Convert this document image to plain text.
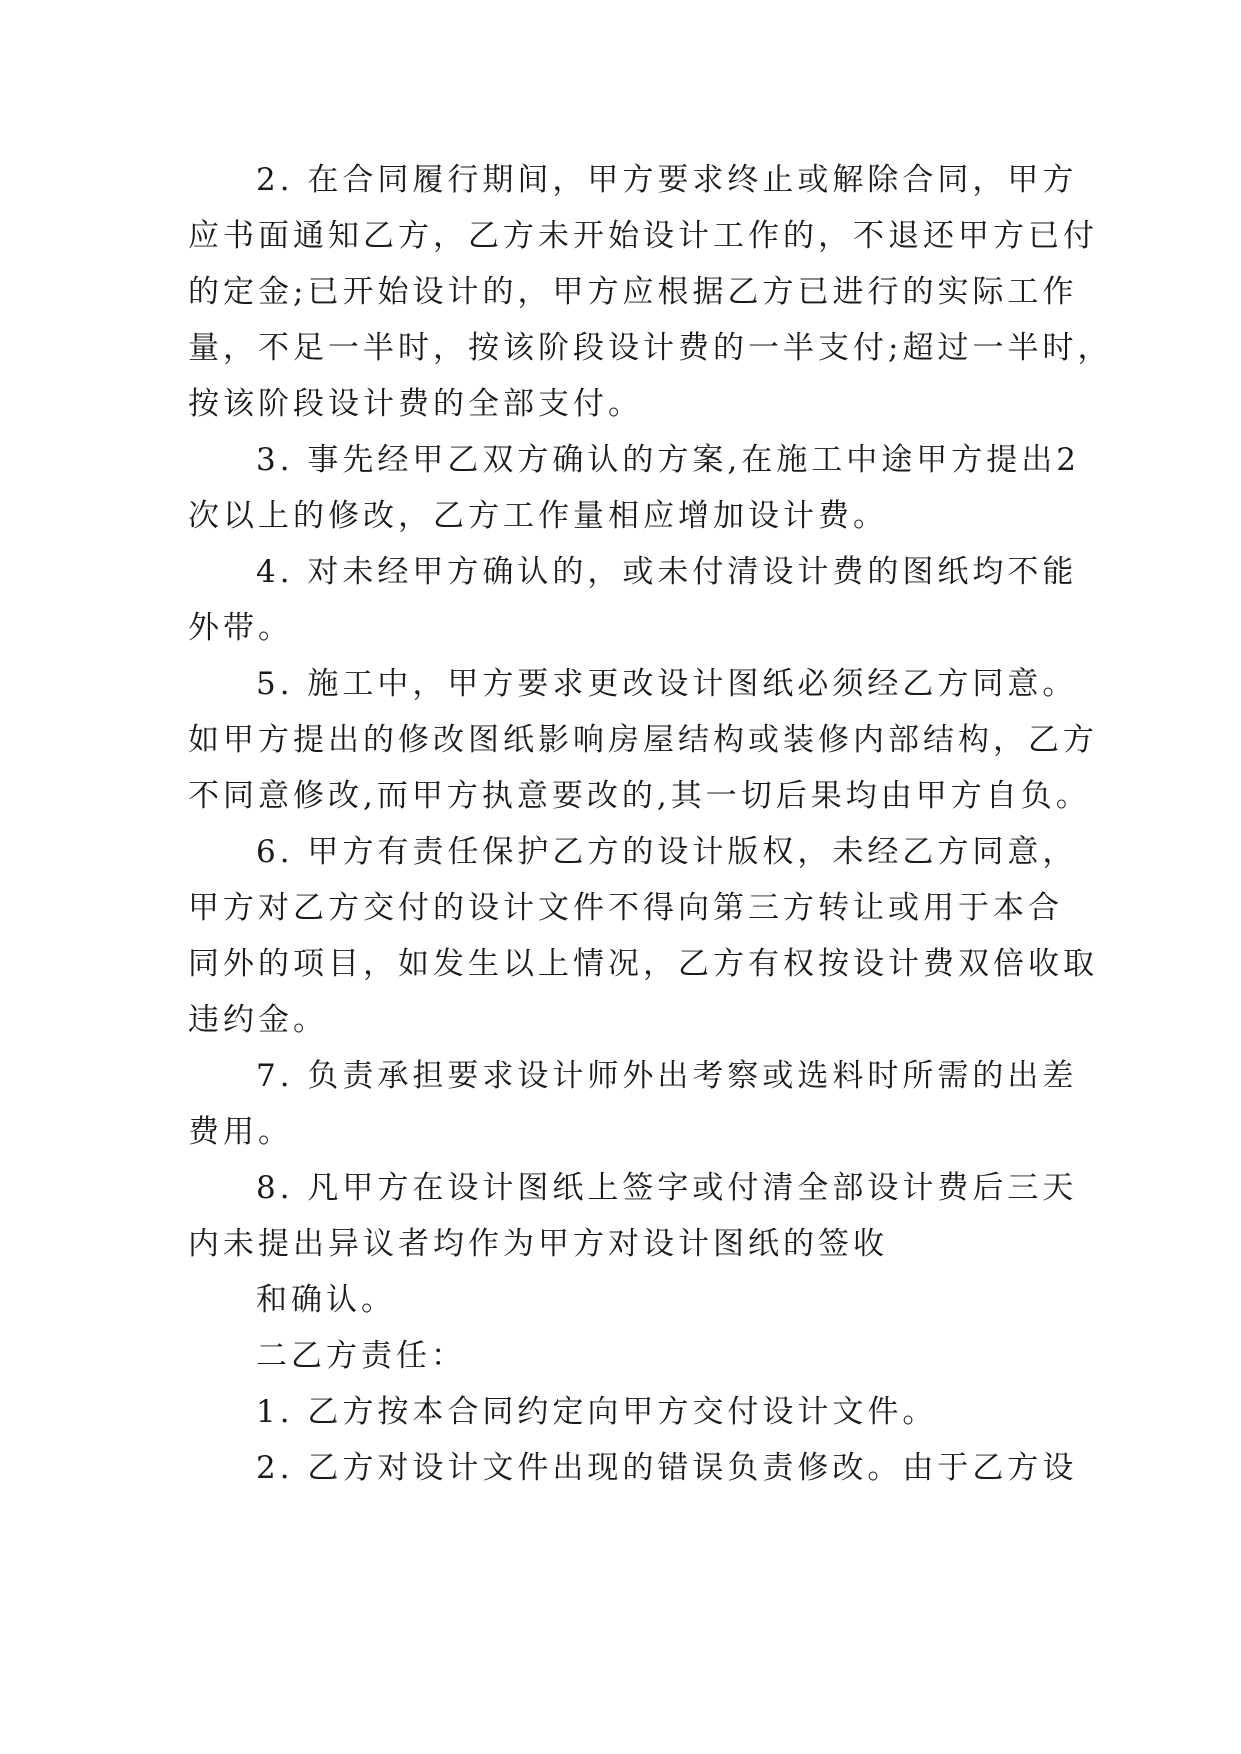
2. 在合同履行期间，甲方要求终止或解除合同，甲方
应书面通知乙方，乙方未开始设计工作的，不退还甲方已付
的定金;已开始设计的，甲方应根据乙方已进行的实际工作
量，不足一半时，按该阶段设计费的一半支付;超过一半时，
按该阶段设计费的全部支付。
3. 事先经甲乙双方确认的方案,在施工中途甲方提出2
次以上的修改，乙方工作量相应增加设计费。
4. 对未经甲方确认的，或未付清设计费的图纸均不能
外带。
5. 施工中，甲方要求更改设计图纸必须经乙方同意。
如甲方提出的修改图纸影响房屋结构或装修内部结构，乙方
不同意修改,而甲方执意要改的,其一切后果均由甲方自负。
6. 甲方有责任保护乙方的设计版权，未经乙方同意，
甲方对乙方交付的设计文件不得向第三方转让或用于本合
同外的项目，如发生以上情况，乙方有权按设计费双倍收取
违约金。
7. 负责承担要求设计师外出考察或选料时所需的出差
费用。
8. 凡甲方在设计图纸上签字或付清全部设计费后三天
内未提出异议者均作为甲方对设计图纸的签收
和确认。
二乙方责任：
1. 乙方按本合同约定向甲方交付设计文件。
2. 乙方对设计文件出现的错误负责修改。由于乙方设
